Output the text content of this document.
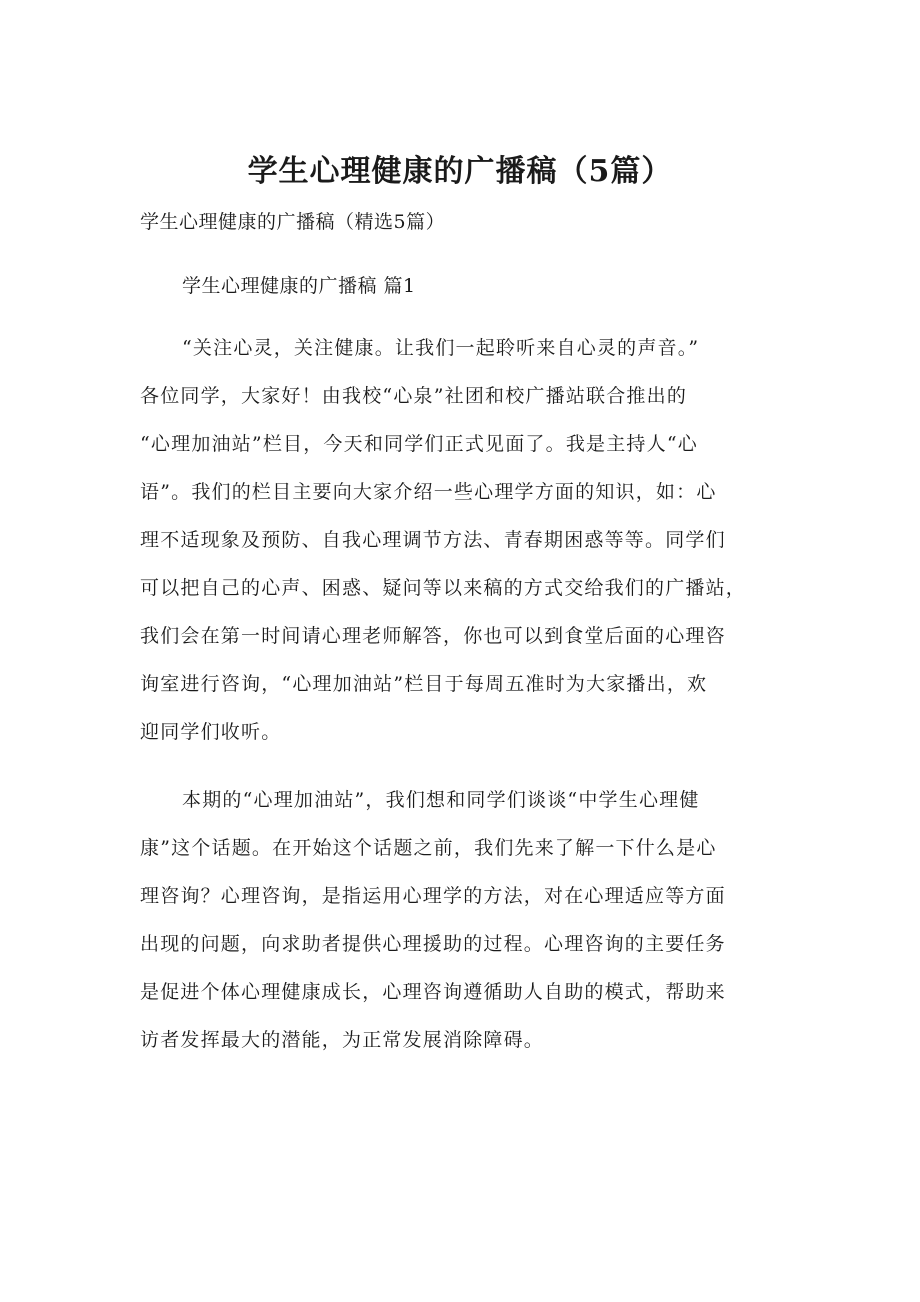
学生心理健康的广播稿（5篇）
学生心理健康的广播稿（精选5篇）
学生心理健康的广播稿 篇1
“关注心灵，关注健康。让我们一起聆听来自心灵的声音。”
各位同学，大家好！由我校“心泉”社团和校广播站联合推出的
“心理加油站”栏目，今天和同学们正式见面了。我是主持人“心
语”。我们的栏目主要向大家介绍一些心理学方面的知识，如：心
理不适现象及预防、自我心理调节方法、青春期困惑等等。同学们
可以把自己的心声、困惑、疑问等以来稿的方式交给我们的广播站，
我们会在第一时间请心理老师解答，你也可以到食堂后面的心理咨
询室进行咨询，“心理加油站”栏目于每周五准时为大家播出，欢
迎同学们收听。
本期的“心理加油站”，我们想和同学们谈谈“中学生心理健
康”这个话题。在开始这个话题之前，我们先来了解一下什么是心
理咨询？心理咨询，是指运用心理学的方法，对在心理适应等方面
出现的问题，向求助者提供心理援助的过程。心理咨询的主要任务
是促进个体心理健康成长，心理咨询遵循助人自助的模式，帮助来
访者发挥最大的潜能，为正常发展消除障碍。
